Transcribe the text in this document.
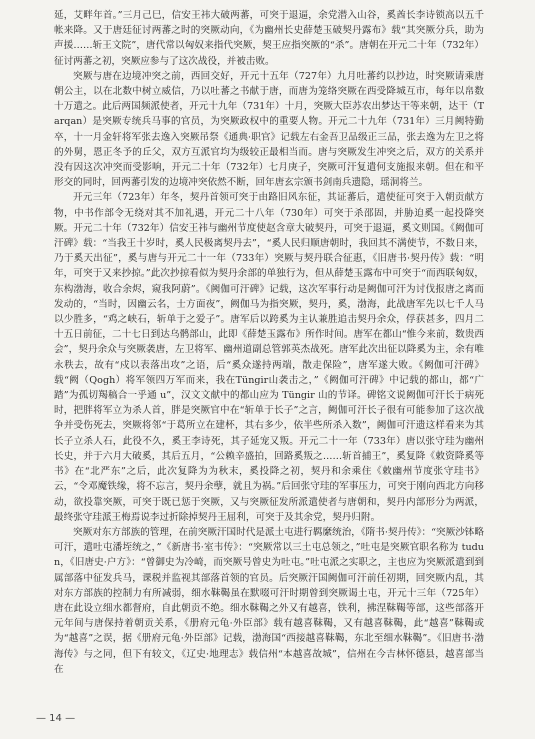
延，艾畔年首。”三月己巳，信安王祎大破两蕃，可突于退逼，余党潜入山谷，奚酋长李诗锁高以五千帐来降。又于唐廷征讨两蕃之时的突厥动向，《为幽州长史薛楚玉破契丹露布》载“其突厥分兵，助为声援……斩王文院”，唐代常以匈奴来指代突厥，契王应指突厥的“杀”。唐朝在开元二十年（732年）征讨两蕃之初，突厥应参与了这次战役，并被击败。

突厥与唐在边境冲突之前，西回交好，开元十五年（727年）九月吐蕃约以抄边，时突厥请乘唐朝公主，以在北数中树立威信，乃以吐蕃之书献于唐，而唐为笼络突厥在西受降城互市，每年以帛数十万遣之。此后两国频派使者，开元十九年（731年）十月，突厥大臣苏农出梦达干等来朝，达干（Tarqan）是突厥专统兵马事的官员，为突厥政权中的重要人物。开元二十九年（731年）三月阙特勤卒，十一月金轩将军张去逸入突厥吊祭《通典·职官》记载左右金吾卫品级正三品，张去逸为左卫之将的外舅，恩正冬予的丘父，双方互派官均为级较正最相当而。唐与突厥发生冲突之后，双方的关系并没有因这次冲突而受影响，开元二十年（732年）七月庚子，突厥可汗复遣何支施报来朝。但在和平形交的同时，回两蕃引发的边境冲突依然不断，回年唐玄宗颁书剑南兵遗隐，瑶洞将兰。

开元三年（723年）年冬，契丹首领可突于由路旧风东征，其证蕃后，遣使征可突于入朝贡献方物，中书作部令无绕对其不加礼遇，开元二十八年（730年）可突于杀邵固，并胁迫奚一起投降突厥。开元二十年（732年）信安王祎与幽州节度使赵含章大破契丹，可突于退逼，奚文则国。《阙伽可汗碑》载：“当我王十岁时，奚人民极离契丹去”，“奚人民归顺唐朝时，我回其不满使节，不数日来，乃于奚天出征”，奚与唐与开元二十一年（733年）突厥与契丹联合征惠，《旧唐书·契丹传》载：“明年，可突于又来抄掠。”此次抄掠看似为契丹余部的单独行为，但从薛楚玉露布中可突于“而西联匈奴，东构渤海，收合余烬，窥我阿蔚”。《阙伽可汗碑》记载，这次军事行动是阙伽可汗为讨伐报唐之离而发动的，“当时，因幽云名，士方面夜”，阙伽马为指突厥，契丹，奚，渤海，此战唐军先以七千人马以少胜多，“鸡之峡石，斩单于之爱子”。唐军后以跨奚为主认兼胜追击契丹余众，俘获甚多，四月二十五日前征，二十七日到达乌鹘部山，此即《薛楚玉露布》所作时间。唐军在都山“惟今来前，数贵西会”，契丹余众与突厥袭唐，左卫将军、幽州道副总管郭英杰战死。唐军此次出征以降奚为主，余有唯永秩去，故有“戍以表落出攻”之语，后“奚众遂持两端，散走保险”，唐军遂大败。《阙伽可汗碑》载“阙（Qogh）将军领四万军而来，我在Tüngir山袭击之，”《阙伽可汗碑》中记载的都山，都“广踏”为孤切羯稿合一乎通 u”，汉文文献中的都山应为 Tüngir 山的节译。碑铭文说阙伽可汗长于病死时，把胖将军立为杀人首，胖是突厥官中在“斩单于长子”之言，阙伽可汗长子很有可能参加了这次战争并受伤死去，突厥将邻“于葛所立在建杯，其右多少，依半些所杀入数”，阙伽可汗遗这样看来为其长子立杀人石，此役不久，奚王李诗死，其子延宠又叛。开元二十一年（733年）唐以张守珪为幽州长史，并于六月大破奚，其后五月，“公赖辛盛拍，回路奚叛之……斩首捕王”，奚复降《敕资降奚等书》在“北严东”之后，此次复降为为秋末，奚投降之初，契丹和余乘住《敕幽州节度张守珪书》云，“令邓魔铁缘，将不忘言，契丹余孽，就且为祸。”后回张守珪的军事压力，可突于刚向西北方向移动，欲投靠突厥，可突于既已惩于突厥，又与突厥征发所派遣使者与唐朝和，契丹内部形分为两派，最终张守珪派王梅焉说李过折除掉契丹王屈利，可突于及其余党，契丹归附。

突厥对东方部族的管理，在前突厥汗国时代是派土屯进行羁縻统治，《隋书·契丹传》：“突厥沙钵略可汗，遣吐屯潘垤统之，”《新唐书·室韦传》：“突厥常以三土屯总领之，”吐屯是突厥官职名称为 tudun，《旧唐史·户方》：“曾御史为冷崎，而突厥号曾史为吐屯。”吐屯派之实职之，主也应为突厥派遣到到属部落中征发兵马，课税并监视其部落首领的官员。后突厥汗国阙伽可汗前任初期，回突厥内乱，其对东方部族的控制力有所减弱，细水靺鞨虽在默啜可汗时期曾到突厥谒土屯，开元十三年（725年）唐在此设立细水都督府，自此朝贡不绝。细水靺鞨之外又有越喜，铁利，拂涅靺鞨等部，这些部落开元年间与唐保持着朝贡关系，《册府元龟·外臣部》载有越喜靺鞨，又有越喜靺鞨，此“越喜”靺鞨或为“越喜”之误，据《册府元龟·外臣部》记载，渤海国“西接越喜靺鞨，东北至细水靺鞨”。《旧唐书·渤海传》与之同，但下有较文，《辽史·地理志》载信州“本越喜故城”，信州在今吉林怀德县，越喜部当在

— 14 —
